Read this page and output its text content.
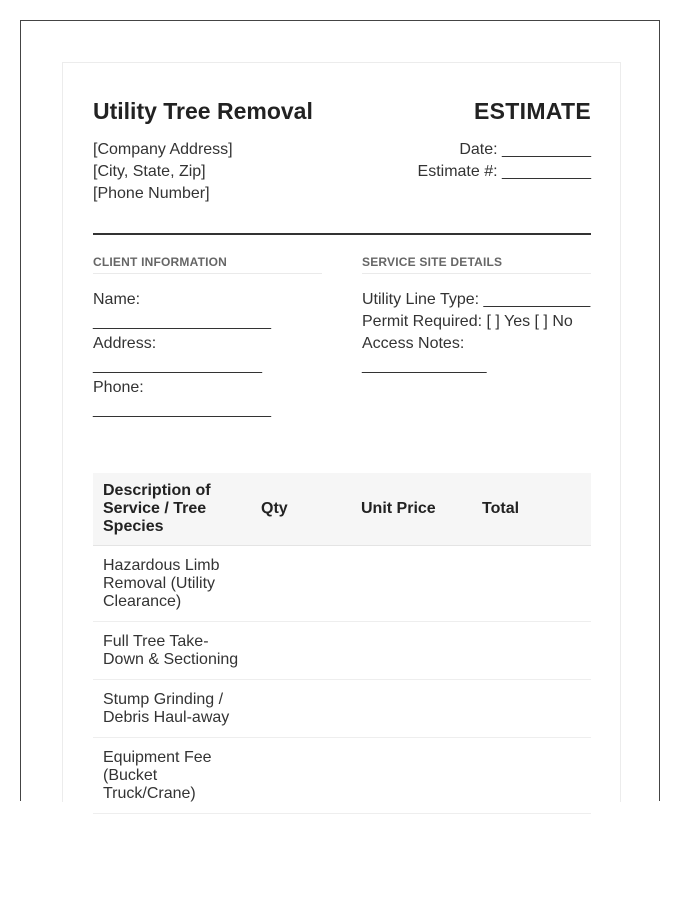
Utility Tree Removal	ESTIMATE
[Company Address]
[City, State, Zip]
[Phone Number]
Date: __________
Estimate #: __________
CLIENT INFORMATION
Name:
____________________
Address: ___________________
Phone:
____________________
SERVICE SITE DETAILS
Utility Line Type: ____________
Permit Required: [ ] Yes [ ] No
Access Notes:
______________
Description of Service / Tree Species	Qty	Unit Price	Total
Hazardous Limb Removal (Utility Clearance)			
Full Tree Take-Down & Sectioning			
Stump Grinding / Debris Haul-away			
Equipment Fee (Bucket Truck/Crane)			
